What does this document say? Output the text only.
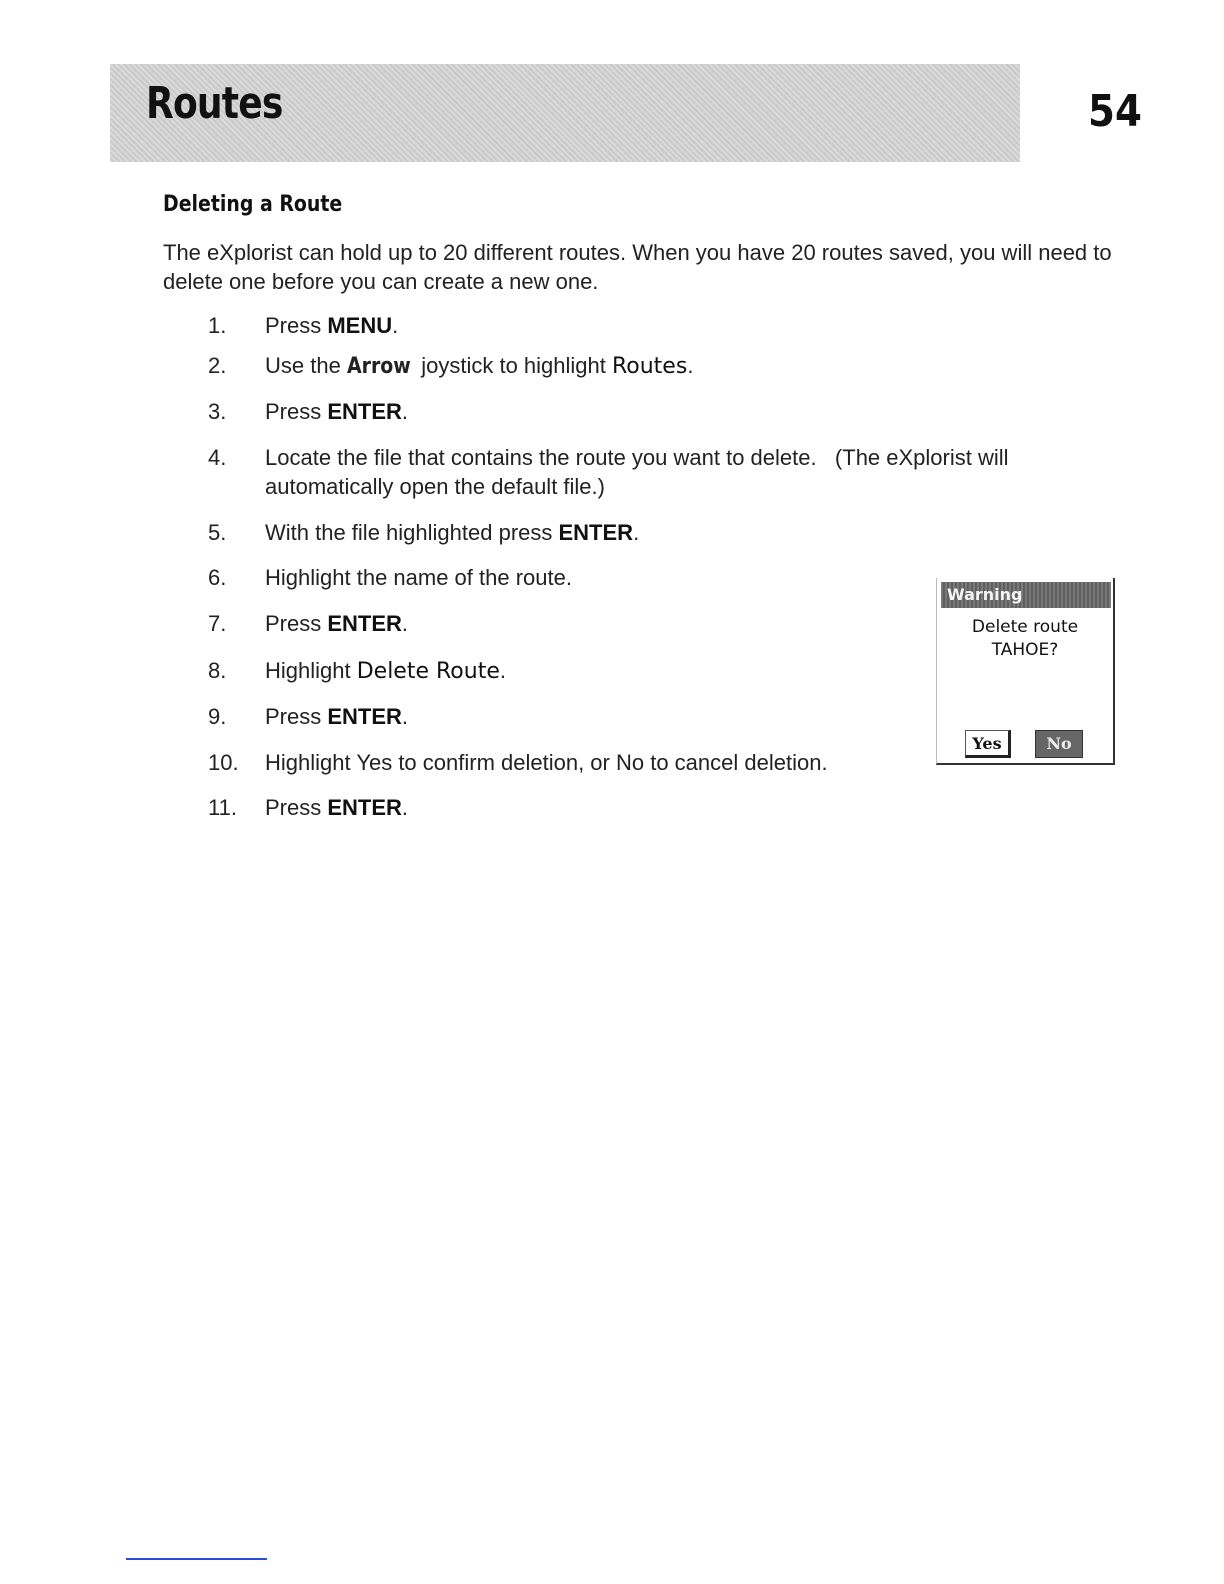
Routes	54
Deleting a Route

The eXplorist can hold up to 20 different routes. When you have 20 routes saved, you will need to delete one before you can create a new one.

1. Press MENU.
2. Use the Arrow joystick to highlight Routes.
3. Press ENTER.
4. Locate the file that contains the route you want to delete.   (The eXplorist will
automatically open the default file.)
5. With the file highlighted press ENTER.
6. Highlight the name of the route.
7. Press ENTER.
8. Highlight Delete Route.
9. Press ENTER.
10. Highlight Yes to confirm deletion, or No to cancel deletion.
11. Press ENTER.
Warning
Delete route
TAHOE?
Yes	No
